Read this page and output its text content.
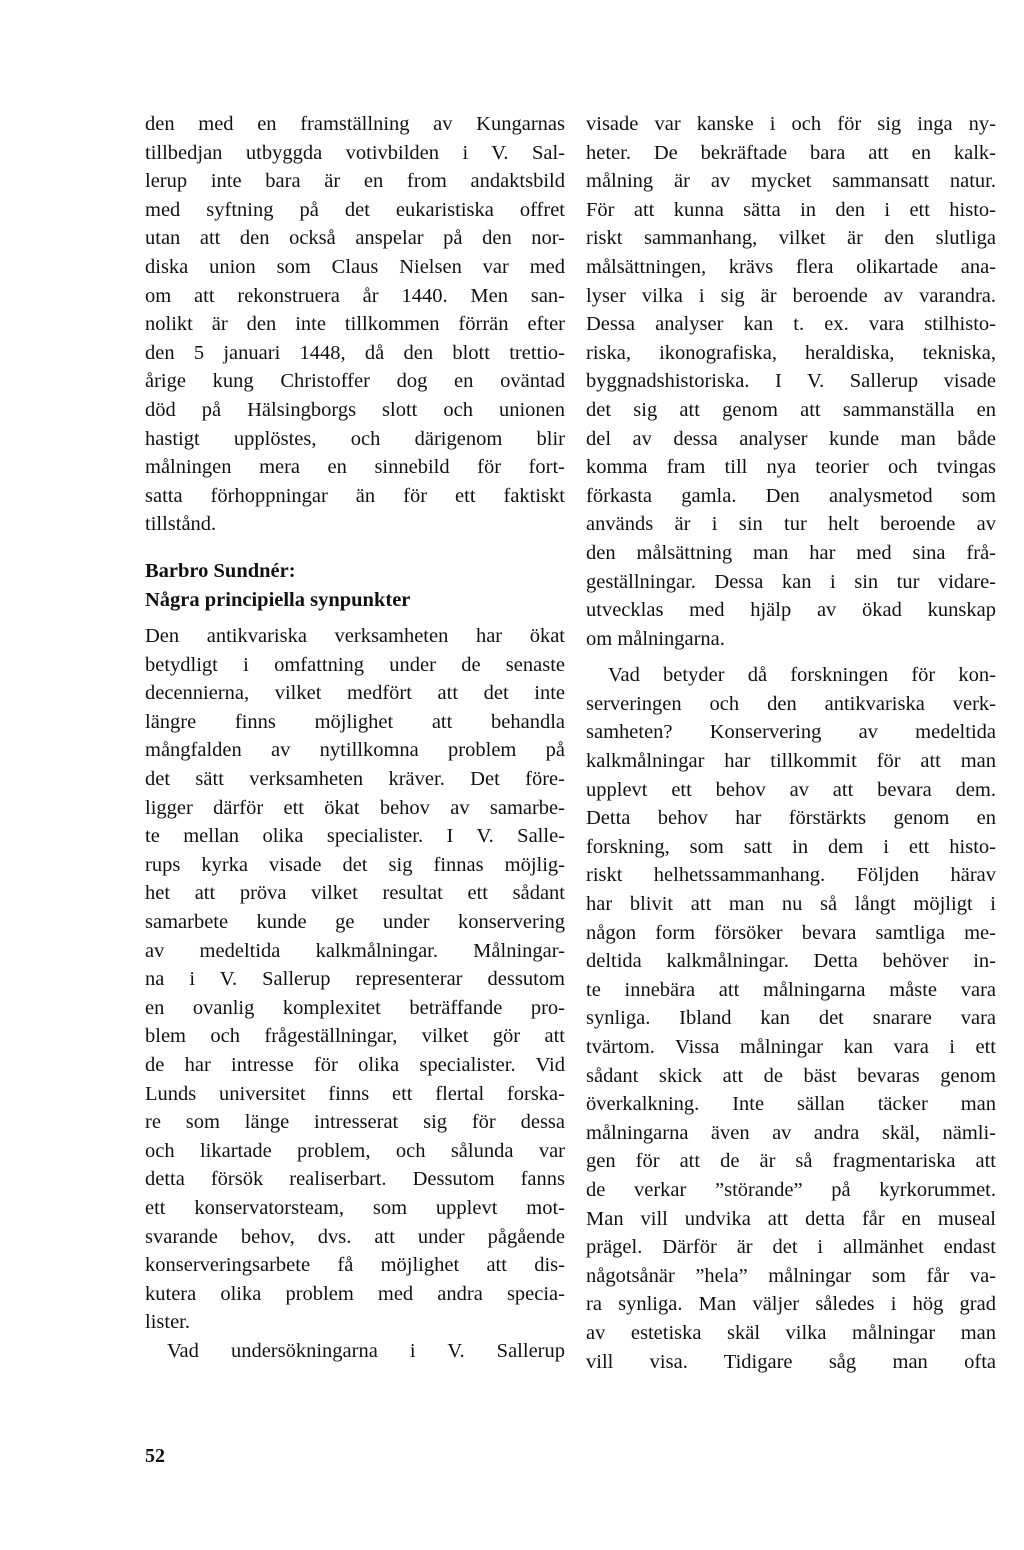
den med en framställning av Kungarnas
tillbedjan utbyggda votivbilden i V. Sal-
lerup inte bara är en from andaktsbild
med syftning på det eukaristiska offret
utan att den också anspelar på den nor-
diska union som Claus Nielsen var med
om att rekonstruera år 1440. Men san-
nolikt är den inte tillkommen förrän efter
den 5 januari 1448, då den blott trettio-
årige kung Christoffer dog en oväntad
död på Hälsingborgs slott och unionen
hastigt upplöstes, och därigenom blir
målningen mera en sinnebild för fort-
satta förhoppningar än för ett faktiskt
tillstånd.
Barbro Sundnér:
Några principiella synpunkter
Den antikvariska verksamheten har ökat
betydligt i omfattning under de senaste
decennierna, vilket medfört att det inte
längre finns möjlighet att behandla
mångfalden av nytillkomna problem på
det sätt verksamheten kräver. Det före-
ligger därför ett ökat behov av samarbe-
te mellan olika specialister. I V. Salle-
rups kyrka visade det sig finnas möjlig-
het att pröva vilket resultat ett sådant
samarbete kunde ge under konservering
av medeltida kalkmålningar. Målningar-
na i V. Sallerup representerar dessutom
en ovanlig komplexitet beträffande pro-
blem och frågeställningar, vilket gör att
de har intresse för olika specialister. Vid
Lunds universitet finns ett flertal forska-
re som länge intresserat sig för dessa
och likartade problem, och sålunda var
detta försök realiserbart. Dessutom fanns
ett konservatorsteam, som upplevt mot-
svarande behov, dvs. att under pågående
konserveringsarbete få möjlighet att dis-
kutera olika problem med andra specia-
lister.
Vad undersökningarna i V. Sallerup
visade var kanske i och för sig inga ny-
heter. De bekräftade bara att en kalk-
målning är av mycket sammansatt natur.
För att kunna sätta in den i ett histo-
riskt sammanhang, vilket är den slutliga
målsättningen, krävs flera olikartade ana-
lyser vilka i sig är beroende av varandra.
Dessa analyser kan t. ex. vara stilhisto-
riska, ikonografiska, heraldiska, tekniska,
byggnadshistoriska. I V. Sallerup visade
det sig att genom att sammanställa en
del av dessa analyser kunde man både
komma fram till nya teorier och tvingas
förkasta gamla. Den analysmetod som
används är i sin tur helt beroende av
den målsättning man har med sina frå-
geställningar. Dessa kan i sin tur vidare-
utvecklas med hjälp av ökad kunskap
om målningarna.
Vad betyder då forskningen för kon-
serveringen och den antikvariska verk-
samheten? Konservering av medeltida
kalkmålningar har tillkommit för att man
upplevt ett behov av att bevara dem.
Detta behov har förstärkts genom en
forskning, som satt in dem i ett histo-
riskt helhetssammanhang. Följden härav
har blivit att man nu så långt möjligt i
någon form försöker bevara samtliga me-
deltida kalkmålningar. Detta behöver in-
te innebära att målningarna måste vara
synliga. Ibland kan det snarare vara
tvärtom. Vissa målningar kan vara i ett
sådant skick att de bäst bevaras genom
överkalkning. Inte sällan täcker man
målningarna även av andra skäl, nämli-
gen för att de är så fragmentariska att
de verkar ”störande” på kyrkorummet.
Man vill undvika att detta får en museal
prägel. Därför är det i allmänhet endast
någotsånär ”hela” målningar som får va-
ra synliga. Man väljer således i hög grad
av estetiska skäl vilka målningar man
vill visa. Tidigare såg man ofta
52
